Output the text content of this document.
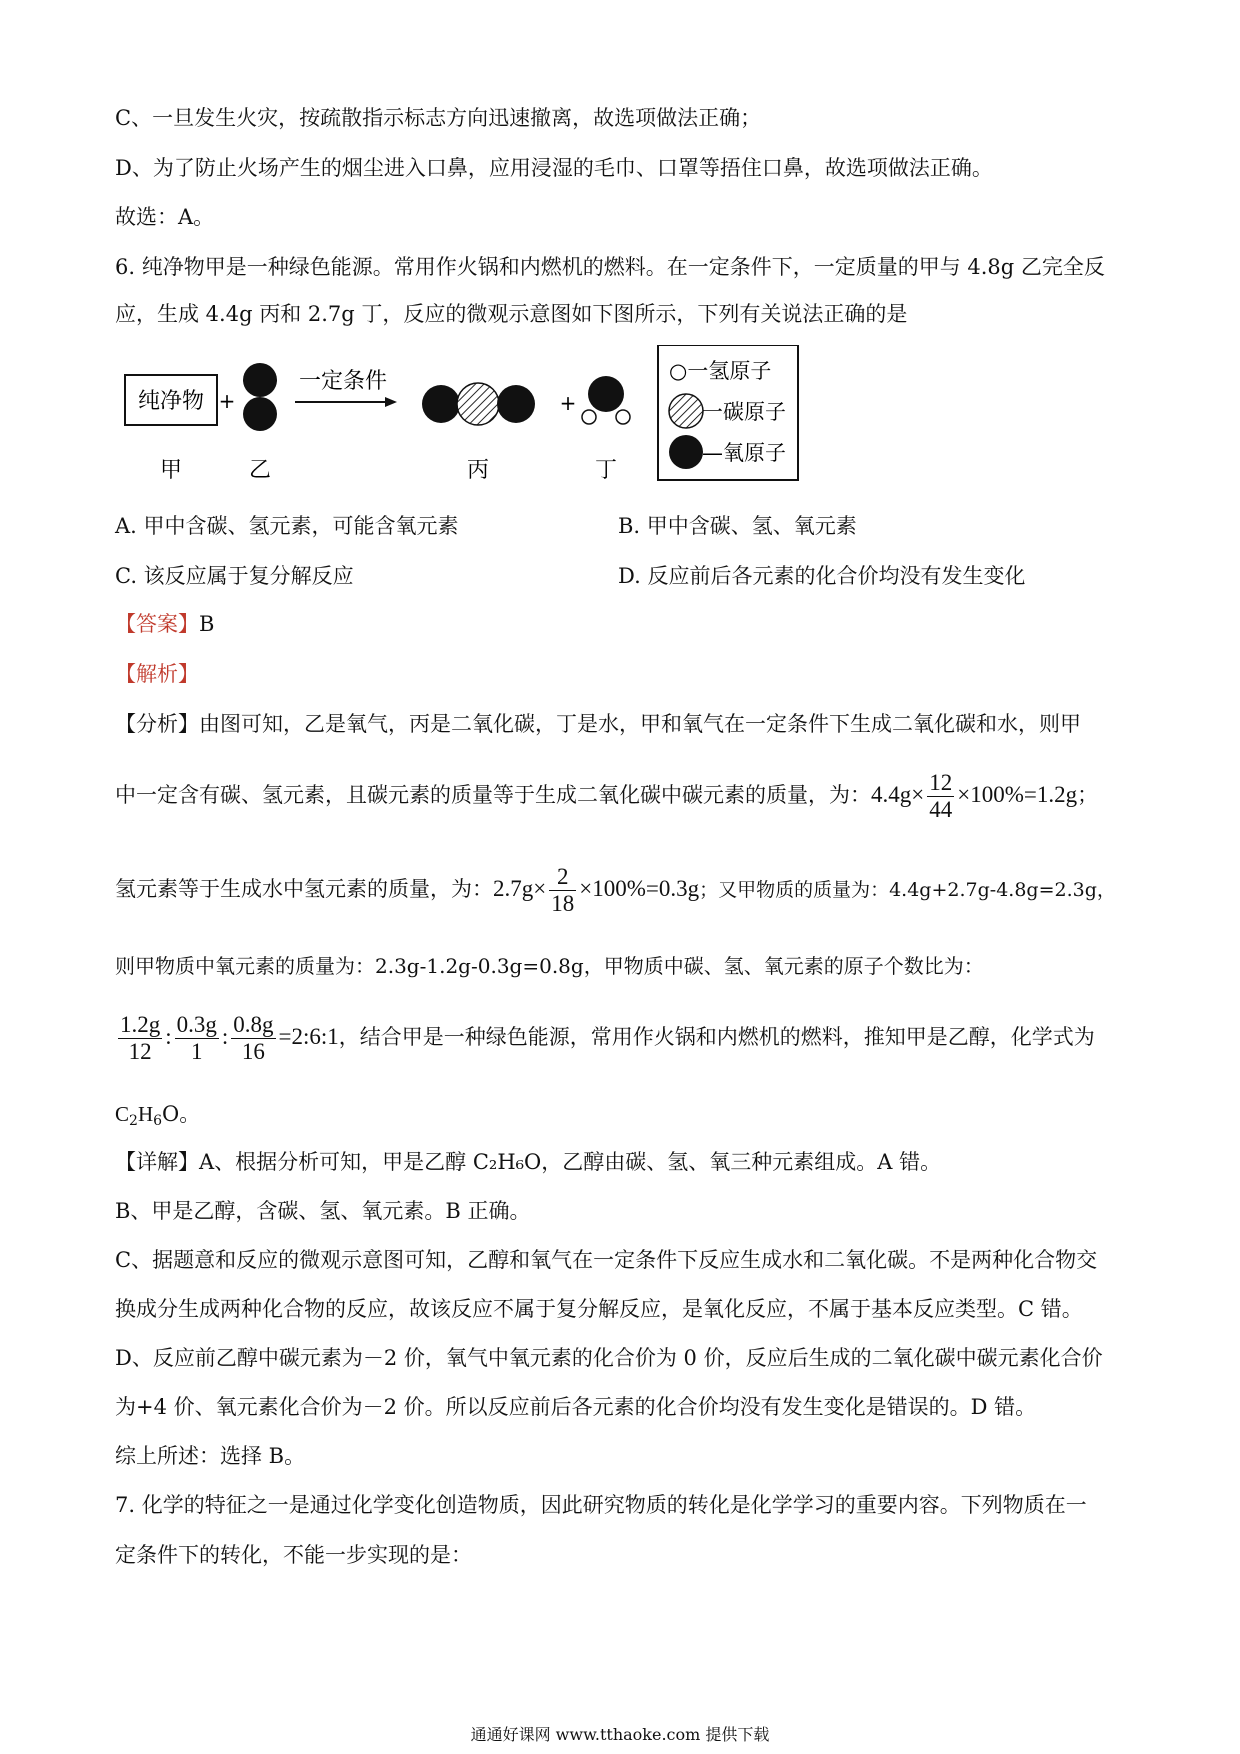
C、一旦发生火灾，按疏散指示标志方向迅速撤离，故选项做法正确；
D、为了防止火场产生的烟尘进入口鼻，应用浸湿的毛巾、口罩等捂住口鼻，故选项做法正确。
故选：A。
6. 纯净物甲是一种绿色能源。常用作火锅和内燃机的燃料。在一定条件下，一定质量的甲与 4.8g 乙完全反
应，生成 4.4g 丙和 2.7g 丁，反应的微观示意图如下图所示，下列有关说法正确的是
纯净物 +
一定条件
+
甲	乙	丙	丁
○一氢原子
一碳原子
—氧原子
A. 甲中含碳、氢元素，可能含氧元素	B. 甲中含碳、氢、氧元素
C. 该反应属于复分解反应	D. 反应前后各元素的化合价均没有发生变化
【答案】B
【解析】
【分析】由图可知，乙是氧气，丙是二氧化碳，丁是水，甲和氧气在一定条件下生成二氧化碳和水，则甲
中一定含有碳、氢元素，且碳元素的质量等于生成二氧化碳中碳元素的质量，为：$4.4g\times \frac{12}{44} \times 100\%=1.2g$；
氢元素等于生成水中氢元素的质量，为：$2.7g\times \frac{2}{18} \times 100\%=0.3g$；又甲物质的质量为：4.4g+2.7g-4.8g=2.3g，
则甲物质中氧元素的质量为：2.3g-1.2g-0.3g=0.8g，甲物质中碳、氢、氧元素的原子个数比为：
$\frac{1.2g}{12}$ : $\frac{0.3g}{1}$ : $\frac{0.8g}{16}$ =2:6:1，结合甲是一种绿色能源，常用作火锅和内燃机的燃料，推知甲是乙醇，化学式为
$C_2H_6O$。
【详解】A、根据分析可知，甲是乙醇 C₂H₆O，乙醇由碳、氢、氧三种元素组成。A 错。
B、甲是乙醇，含碳、氢、氧元素。B 正确。
C、据题意和反应的微观示意图可知，乙醇和氧气在一定条件下反应生成水和二氧化碳。不是两种化合物交
换成分生成两种化合物的反应，故该反应不属于复分解反应，是氧化反应，不属于基本反应类型。C 错。
D、反应前乙醇中碳元素为－2 价，氧气中氧元素的化合价为 0 价，反应后生成的二氧化碳中碳元素化合价
为+4 价、氧元素化合价为－2 价。所以反应前后各元素的化合价均没有发生变化是错误的。D 错。
综上所述：选择 B。
7. 化学的特征之一是通过化学变化创造物质，因此研究物质的转化是化学学习的重要内容。下列物质在一
定条件下的转化，不能一步实现的是：
通通好课网 www.tthaoke.com 提供下载
